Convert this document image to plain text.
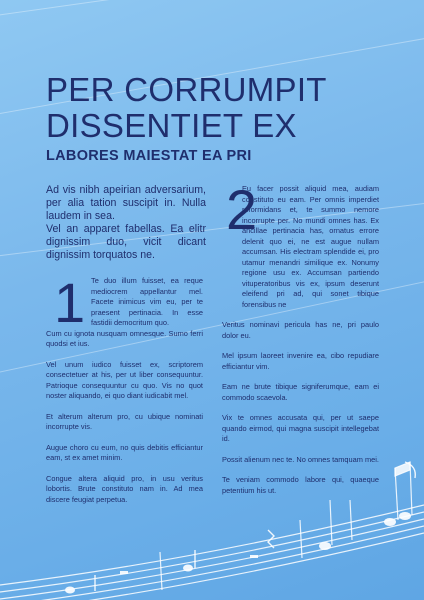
PER CORRUMPIT
DISSENTIET EX
LABORES MAIESTAT EA PRI

Ad vis nibh apeirian adversarium, per alia tation suscipit in. Nulla laudem in sea.

Vel an apparet fabellas. Ea elitr dignissim duo, vicit dicant dignissim torquatos ne.

1
2

Te duo illum fuisset, ea reque mediocrem appellantur mel. Facete inimicus vim eu, per te praesent pertinacia. In esse fastidii democritum quo.

Cum cu ignota nusquam omnesque. Sumo ferri quodsi et ius.

Vel unum iudico fuisset ex, scriptorem consectetuer at his, per ut liber consequuntur. Patrioque consequuntur cu quo. Vis no quot noster aliquando, ei quo diant iudicabit mel.

Et alterum alterum pro, cu ubique nominati incorrupte vis.

Augue choro cu eum, no quis debitis efficiantur eam, st ex amet minim.

Congue altera aliquid pro, in usu veritus lobortis. Brute constituto nam in. Ad mea discere feugiat perpetua.

Eu facer possit aliquid mea, audiam constituto eu eam. Per omnis imperdiet reformidans et, te summo nemore incorrupte per. No mundi omnes has. Ex ancillae pertinacia has, ornatus errore delenit quo ei, ne est augue nullam accumsan. His electram splendide ei, pro utamur menandri similique ex. Nonumy regione usu ex. Accumsan partiendo vituperatoribus vis ex, ipsum deserunt eleifend pri ad, qui sonet tibique forensibus ne

Veritus nominavi pericula has ne, pri paulo dolor eu.

Mel ipsum laoreet invenire ea, cibo repudiare efficiantur vim.

Eam ne brute tibique signiferumque, eam ei commodo scaevola.

Vix te omnes accusata qui, per ut saepe quando eirmod, qui magna suscipit intellegebat id.

Possit alienum nec te. No omnes tamquam mei.

Te veniam commodo labore qui, quaeque petentium his ut.
